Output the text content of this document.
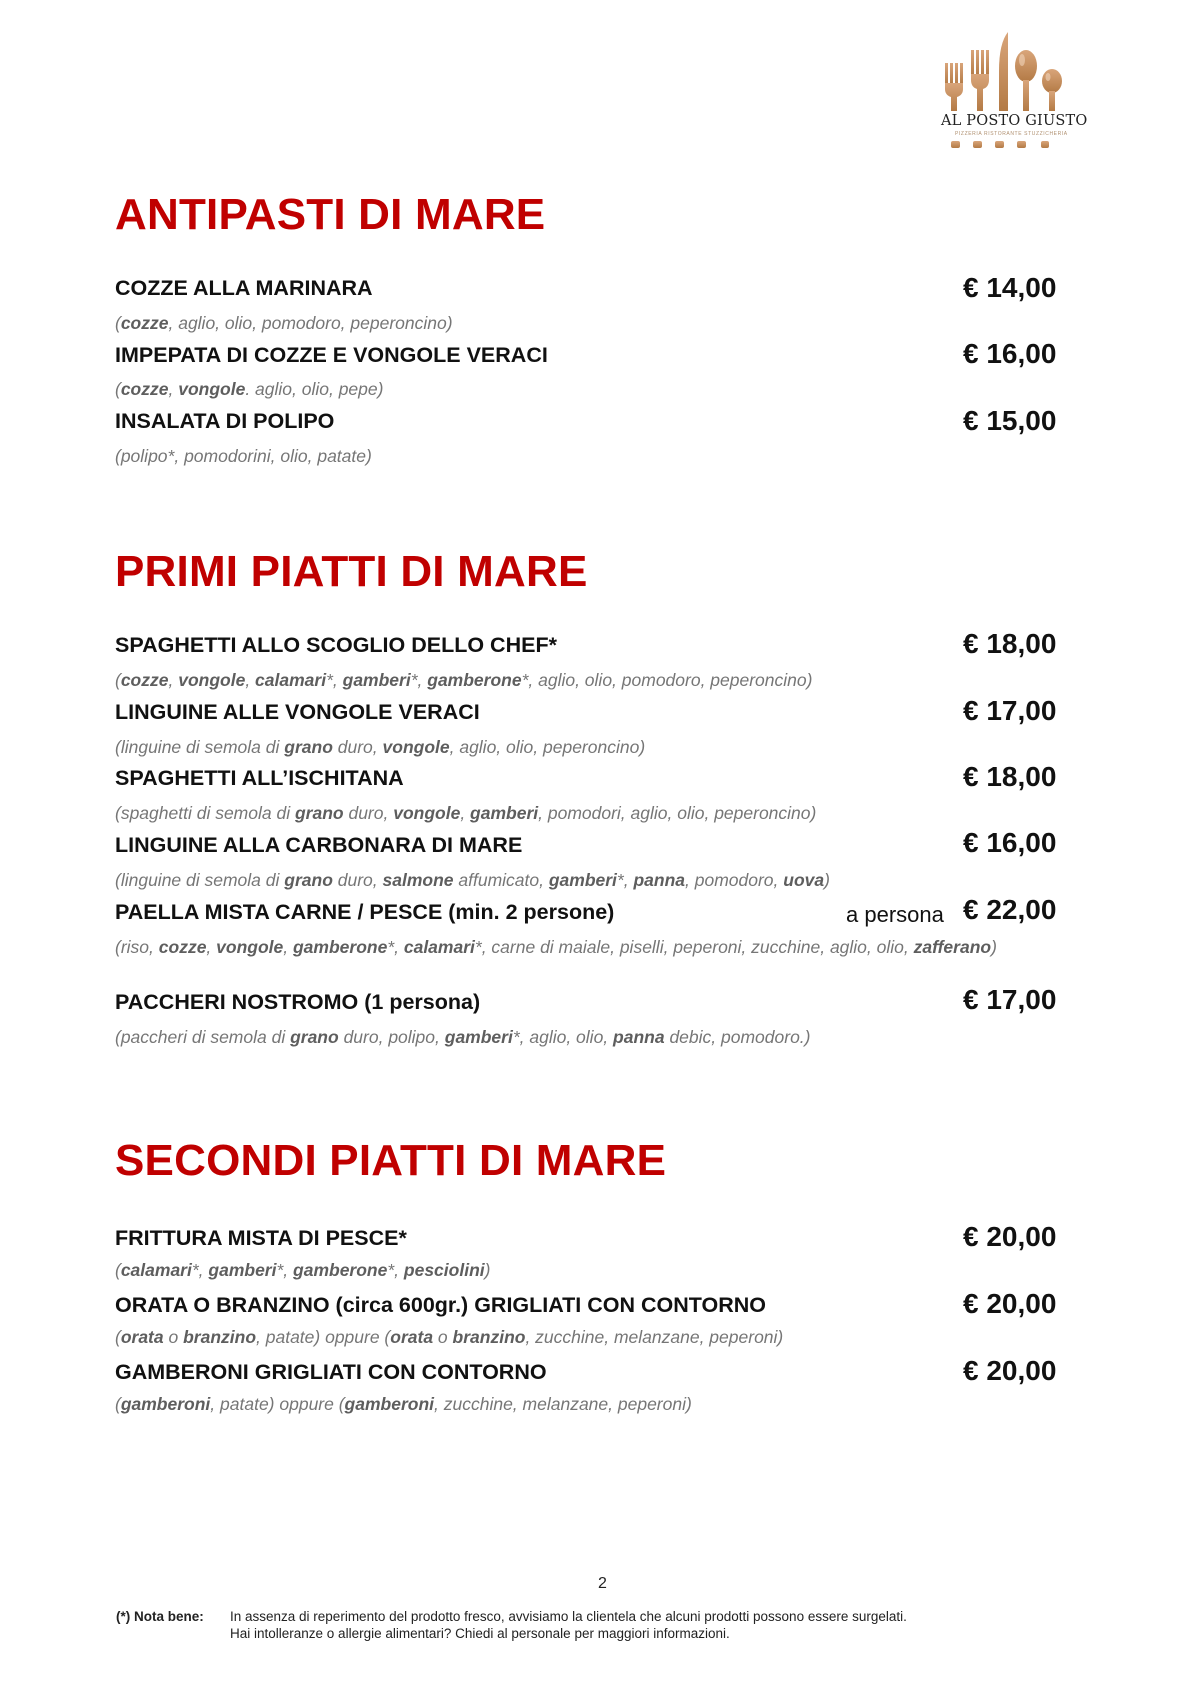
AL POSTO GIUSTO
PIZZERIA RISTORANTE STUZZICHERIA
ANTIPASTI DI MARE
COZZE ALLA MARINARA	€ 14,00
(cozze, aglio, olio, pomodoro, peperoncino)
IMPEPATA DI COZZE E VONGOLE VERACI	€ 16,00
(cozze, vongole. aglio, olio, pepe)
INSALATA DI POLIPO	€ 15,00
(polipo*, pomodorini, olio, patate)
PRIMI PIATTI DI MARE
SPAGHETTI ALLO SCOGLIO DELLO CHEF*	€ 18,00
(cozze, vongole, calamari*, gamberi*, gamberone*, aglio, olio, pomodoro, peperoncino)
LINGUINE ALLE VONGOLE VERACI	€ 17,00
(linguine di semola di grano duro, vongole, aglio, olio, peperoncino)
SPAGHETTI ALL’ISCHITANA	€ 18,00
(spaghetti di semola di grano duro, vongole, gamberi, pomodori, aglio, olio, peperoncino)
LINGUINE ALLA CARBONARA DI MARE	€ 16,00
(linguine di semola di grano duro, salmone affumicato, gamberi*, panna, pomodoro, uova)
PAELLA MISTA CARNE / PESCE (min. 2 persone)	a persona € 22,00
(riso, cozze, vongole, gamberone*, calamari*, carne di maiale, piselli, peperoni, zucchine, aglio, olio, zafferano)
PACCHERI NOSTROMO (1 persona)	€ 17,00
(paccheri di semola di grano duro, polipo, gamberi*, aglio, olio, panna debic, pomodoro.)
SECONDI PIATTI DI MARE
FRITTURA MISTA DI PESCE*	€ 20,00
(calamari*, gamberi*, gamberone*, pesciolini)
ORATA O BRANZINO (circa 600gr.) GRIGLIATI CON CONTORNO	€ 20,00
(orata o branzino, patate) oppure (orata o branzino, zucchine, melanzane, peperoni)
GAMBERONI GRIGLIATI CON CONTORNO	€ 20,00
(gamberoni, patate) oppure (gamberoni, zucchine, melanzane, peperoni)
2
(*) Nota bene: In assenza di reperimento del prodotto fresco, avvisiamo la clientela che alcuni prodotti possono essere surgelati.
Hai intolleranze o allergie alimentari? Chiedi al personale per maggiori informazioni.
